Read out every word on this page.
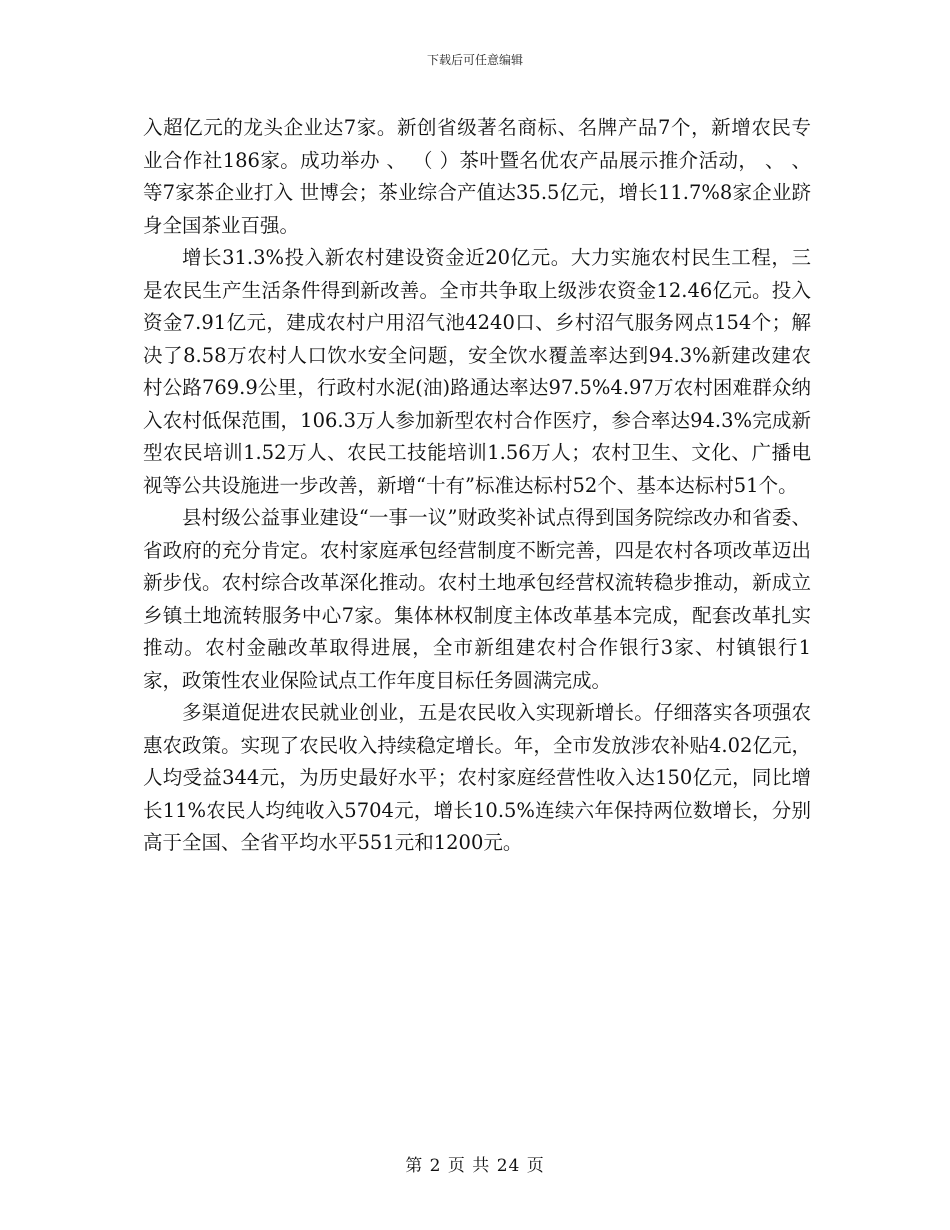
下载后可任意编辑

入超亿元的龙头企业达7家。新创省级著名商标、名牌产品7个，新增农民专业合作社186家。成功举办 、 （ ）茶叶暨名优农产品展示推介活动， 、 、 等7家茶企业打入 世博会；茶业综合产值达35.5亿元，增长11.7%8家企业跻身全国茶业百强。

增长31.3%投入新农村建设资金近20亿元。大力实施农村民生工程，三是农民生产生活条件得到新改善。全市共争取上级涉农资金12.46亿元。投入资金7.91亿元，建成农村户用沼气池4240口、乡村沼气服务网点154个；解决了8.58万农村人口饮水安全问题，安全饮水覆盖率达到94.3%新建改建农村公路769.9公里，行政村水泥(油)路通达率达97.5%4.97万农村困难群众纳入农村低保范围，106.3万人参加新型农村合作医疗，参合率达94.3%完成新型农民培训1.52万人、农民工技能培训1.56万人；农村卫生、文化、广播电视等公共设施进一步改善，新增“十有”标准达标村52个、基本达标村51个。

县村级公益事业建设“一事一议”财政奖补试点得到国务院综改办和省委、省政府的充分肯定。农村家庭承包经营制度不断完善，四是农村各项改革迈出新步伐。农村综合改革深化推动。农村土地承包经营权流转稳步推动，新成立乡镇土地流转服务中心7家。集体林权制度主体改革基本完成，配套改革扎实推动。农村金融改革取得进展，全市新组建农村合作银行3家、村镇银行1家，政策性农业保险试点工作年度目标任务圆满完成。

多渠道促进农民就业创业，五是农民收入实现新增长。仔细落实各项强农惠农政策。实现了农民收入持续稳定增长。年，全市发放涉农补贴4.02亿元，人均受益344元，为历史最好水平；农村家庭经营性收入达150亿元，同比增长11%农民人均纯收入5704元，增长10.5%连续六年保持两位数增长，分别高于全国、全省平均水平551元和1200元。

第 2 页 共 24 页
